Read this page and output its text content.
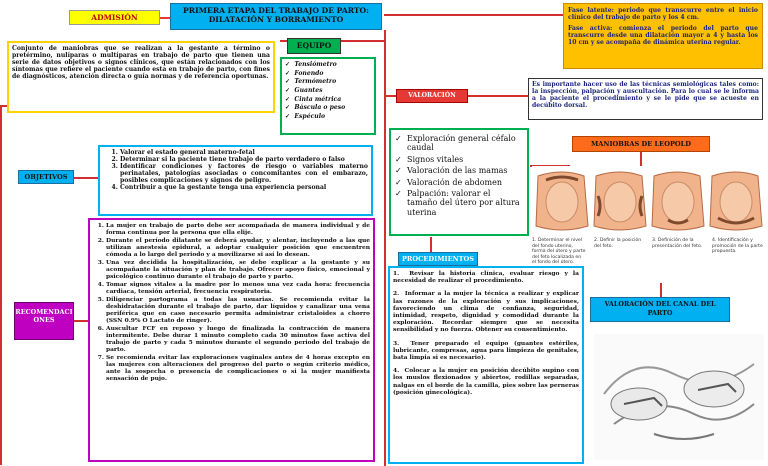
PRIMERA ETAPA DEL TRABAJO DE PARTO: DILATACIÓN Y BORRAMIENTO
ADMISIÓN
Conjunto de maniobras que se realizan a la gestante a término o pretérmino, nulíparas o multíparas en trabajo de parto que tienen una serie de datos objetivos o signos clínicos, que están relacionados con los síntomas que refiere el paciente cuando esta en trabajo de parto, con fines de diagnósticos, atención directa o guía normas y de referencia oportunas.
EQUIPO
✓  Tensiómetro
✓  Fonendo
✓  Termómetro
✓  Guantes
✓  Cinta métrica
✓  Báscula o peso
✓  Espéculo
Fase latente: periodo que transcurre entre el inicio clínico del trabajo de parto y los 4 cm.
Fase activa: comienza el periodo del parto que transcurre desde una dilatación mayor a 4 y hasta los 10 cm y se acompaña de dinámica uterina regular.
VALORACIÓN FÍSICA
Es importante hacer uso de las técnicas semiológicas tales como: la inspección, palpación y auscultación. Para lo cual se le informa a la paciente el procedimiento y se le pide que se acueste en decúbito dorsal.
✓ Exploración general céfalo caudal
✓ Signos vitales
✓ Valoración de las mamas
✓ Valoración de abdomen
✓ Palpación: valorar el tamaño del útero por altura uterina
OBJETIVOS
1. Valorar el estado general materno-fetal
2. Determinar si la paciente tiene trabajo de parto verdadero o falso
3. Identificar condiciones y factores de riesgo o variables materno perinatales, patologías asociadas o concomitantes con el embarazo, posibles complicaciones y signos de peligro.
4. Contribuir a que la gestante tenga una experiencia personal
MANIOBRAS DE LEOPOLD
1. Determinar el nivel del fondo uterino, forma del útero y parte del feto localizada en el fondo del útero.
2. Definir la posición del feto.
3. Definición de la presentación del feto.
4. Identificación y promoción de la parte propuesta.
RECOMENDACIONES
1. La mujer en trabajo de parto debe ser acompañada de manera individual y de forma continua por la persona que ella elije.
2. Durante el período dilatante se deberá ayudar, y alentar, incluyendo a las que utilizan anestesia epidural, a adoptar cualquier posición que encuentren cómoda a lo largo del periodo y a movilizarse si así lo desean.
3. Una vez decidida la hospitalización, se debe explicar a la gestante y su acompañante la situación y plan de trabajo. Ofrecer apoyo físico, emocional y psicológico continuo durante el trabajo de parto y parto.
4. Tomar signos vitales a la madre por lo menos una vez cada hora: frecuencia cardiaca, tensión arterial, frecuencia respiratoria.
5. Diligenciar partograma a todas las usuarias. Se recomienda evitar la deshidratación durante el trabajo de parto, dar líquidos y canalizar una vena periférica que en caso necesario permita administrar cristaloides a chorro (SSN 0.9% O Lactato de ringer).
6. Auscultar FCF en reposo y luego de finalizada la contracción de manera intermitente. Debe durar 1 minuto completo cada 30 minutos fase activa del trabajo de parto y cada 5 minutos durante el segundo periodo del trabajo de parto.
7. Se recomienda evitar las exploraciones vaginales antes de 4 horas excepto en las mujeres con alteraciones del progreso del parto o según criterio médico, ante la sospecha o presencia de complicaciones o si la mujer manifiesta sensación de pujo.
PROCEDIMIENTOS
1.  Revisar la historia clínica, evaluar riesgo y la necesidad de realizar el procedimiento.
2.  Informar a la mujer la técnica a realizar y explicar las razones de la exploración y sus implicaciones, favoreciendo un clima de confianza, seguridad, intimidad, respeto, dignidad y comodidad durante la exploración. Recordar siempre que se necesita sensibilidad y no fuerza. Obtener su consentimiento.
3.  Tener preparado el equipo (guantes estériles, lubricante, compresas, agua para limpieza de genitales, bata limpia si es necesario).
4.  Colocar a la mujer en posición decúbito supino con los muslos flexionados y abiertos, rodillas separadas, nalgas en el borde de la camilla, pies sobre las perneras (posición ginecológica).
VALORACIÓN DEL CANAL DEL PARTO
